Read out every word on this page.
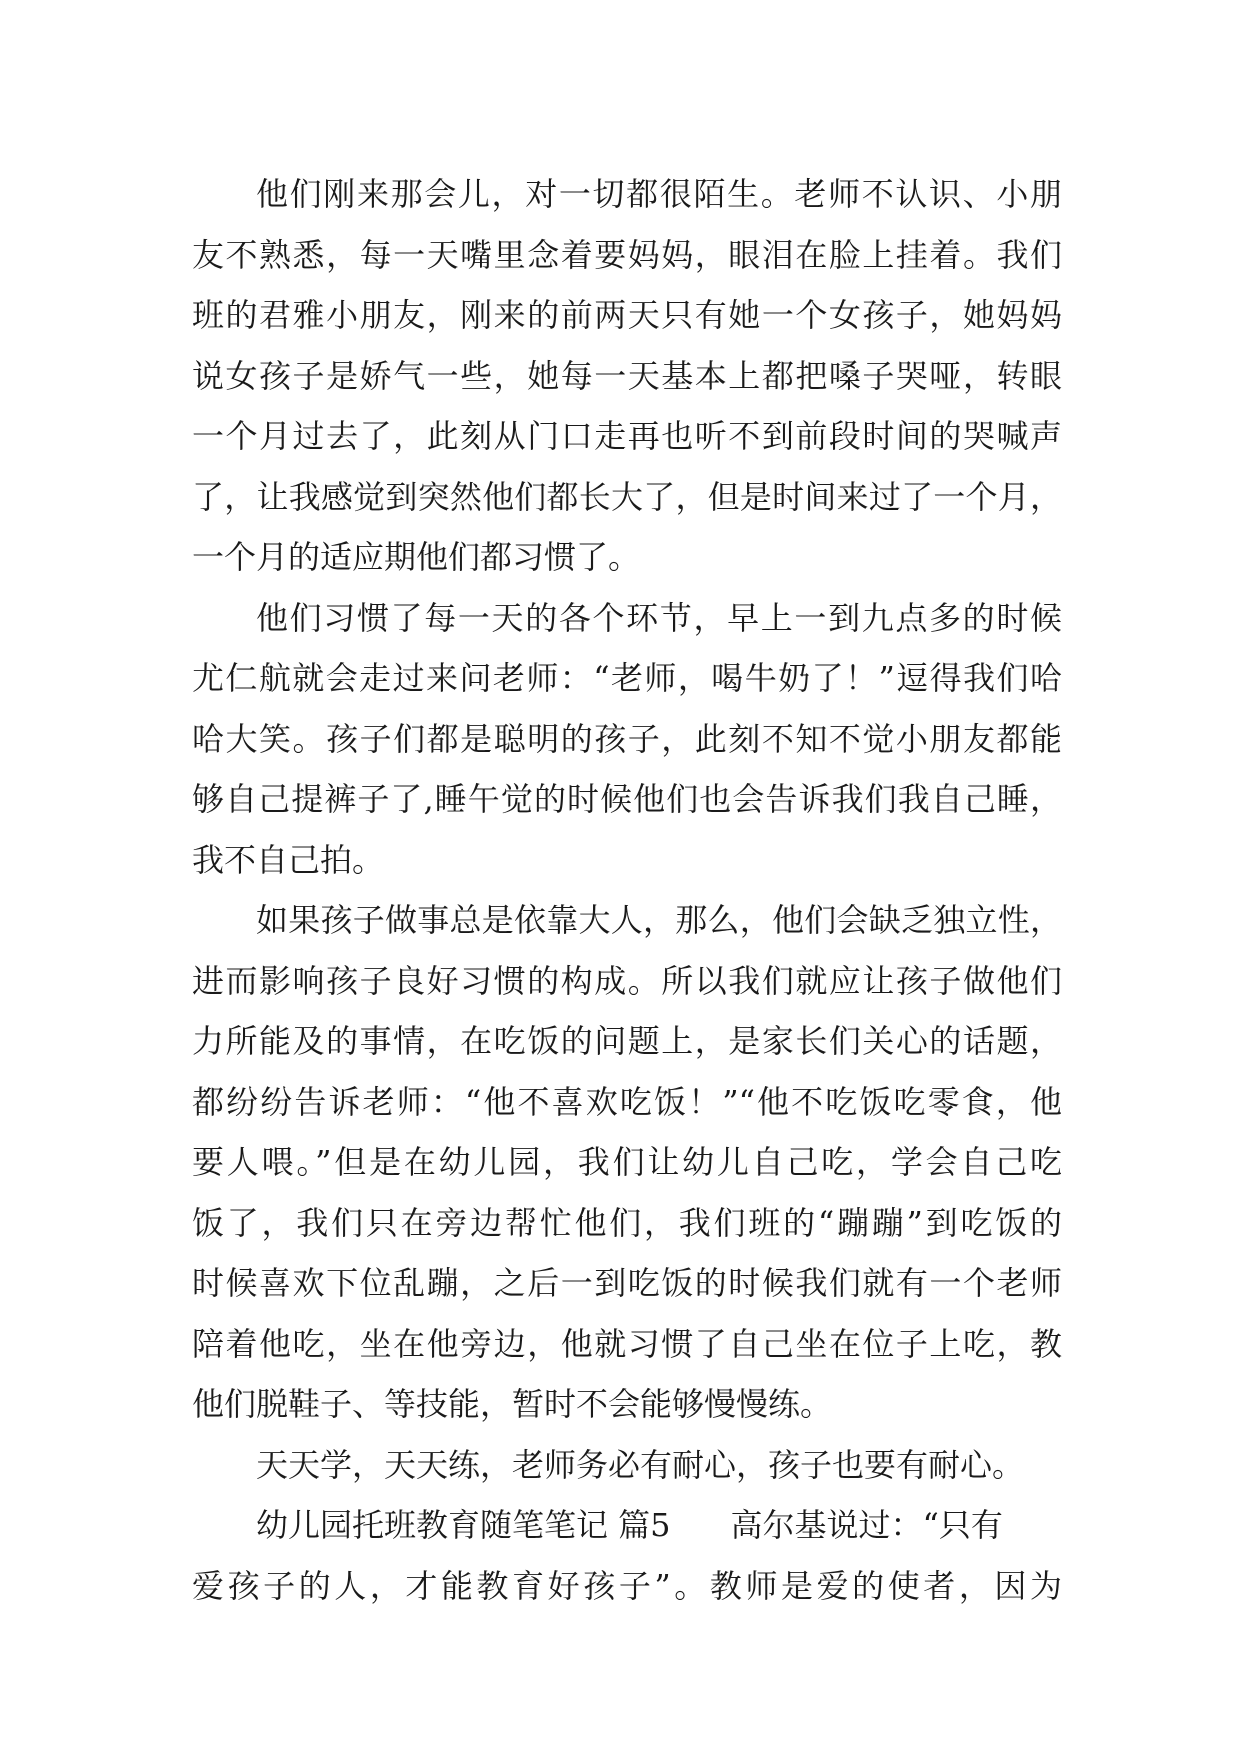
他们刚来那会儿，对一切都很陌生。老师不认识、小朋
友不熟悉，每一天嘴里念着要妈妈，眼泪在脸上挂着。我们
班的君雅小朋友，刚来的前两天只有她一个女孩子，她妈妈
说女孩子是娇气一些，她每一天基本上都把嗓子哭哑，转眼
一个月过去了，此刻从门口走再也听不到前段时间的哭喊声
了，让我感觉到突然他们都长大了，但是时间来过了一个月，
一个月的适应期他们都习惯了。
他们习惯了每一天的各个环节，早上一到九点多的时候
尤仁航就会走过来问老师：“老师，喝牛奶了！”逗得我们哈
哈大笑。孩子们都是聪明的孩子，此刻不知不觉小朋友都能
够自己提裤子了,睡午觉的时候他们也会告诉我们我自己睡，
我不自己拍。
如果孩子做事总是依靠大人，那么，他们会缺乏独立性，
进而影响孩子良好习惯的构成。所以我们就应让孩子做他们
力所能及的事情，在吃饭的问题上，是家长们关心的话题，
都纷纷告诉老师：“他不喜欢吃饭！”“他不吃饭吃零食，他
要人喂。”但是在幼儿园，我们让幼儿自己吃，学会自己吃
饭了，我们只在旁边帮忙他们，我们班的“蹦蹦”到吃饭的
时候喜欢下位乱蹦，之后一到吃饭的时候我们就有一个老师
陪着他吃，坐在他旁边，他就习惯了自己坐在位子上吃，教
他们脱鞋子、等技能，暂时不会能够慢慢练。
天天学，天天练，老师务必有耐心，孩子也要有耐心。
幼儿园托班教育随笔笔记 篇5 高尔基说过：“只有
爱孩子的人，才能教育好孩子”。教师是爱的使者，因为
